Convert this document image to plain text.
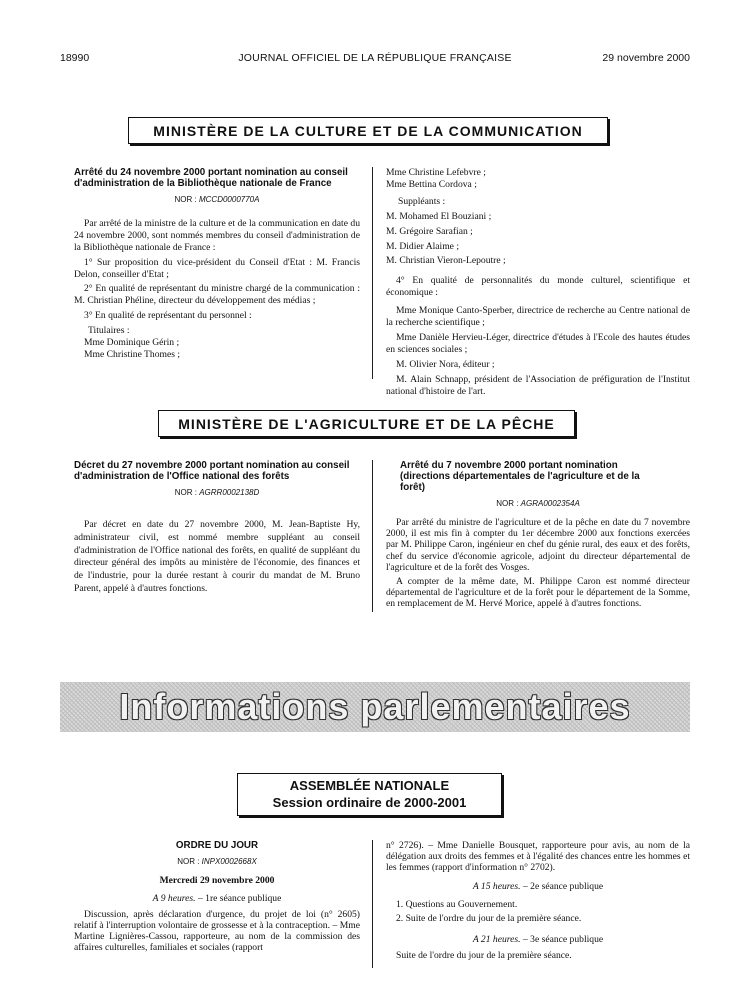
18990	JOURNAL OFFICIEL DE LA RÉPUBLIQUE FRANÇAISE	29 novembre 2000
MINISTÈRE DE LA CULTURE ET DE LA COMMUNICATION
Arrêté du 24 novembre 2000 portant nomination au conseil d'administration de la Bibliothèque nationale de France
NOR : MCCD0000770A

Par arrêté de la ministre de la culture et de la communication en date du 24 novembre 2000, sont nommés membres du conseil d'administration de la Bibliothèque nationale de France :

1° Sur proposition du vice-président du Conseil d'Etat : M. Francis Delon, conseiller d'Etat ;

2° En qualité de représentant du ministre chargé de la communication : M. Christian Phéline, directeur du développement des médias ;

3° En qualité de représentant du personnel :

Titulaires :

Mme Dominique Gérin ;

Mme Christine Thomes ;

Mme Christine Lefebvre ;

Mme Bettina Cordova ;

Suppléants :

M. Mohamed El Bouziani ;

M. Grégoire Sarafian ;

M. Didier Alaime ;

M. Christian Vieron-Lepoutre ;

4° En qualité de personnalités du monde culturel, scientifique et économique :

Mme Monique Canto-Sperber, directrice de recherche au Centre national de la recherche scientifique ;

Mme Danièle Hervieu-Léger, directrice d'études à l'Ecole des hautes études en sciences sociales ;

M. Olivier Nora, éditeur ;

M. Alain Schnapp, président de l'Association de préfiguration de l'Institut national d'histoire de l'art.

MINISTÈRE DE L'AGRICULTURE ET DE LA PÊCHE
Décret du 27 novembre 2000 portant nomination au conseil d'administration de l'Office national des forêts
NOR : AGRR0002138D

Par décret en date du 27 novembre 2000, M. Jean-Baptiste Hy, administrateur civil, est nommé membre suppléant au conseil d'administration de l'Office national des forêts, en qualité de suppléant du directeur général des impôts au ministère de l'économie, des finances et de l'industrie, pour la durée restant à courir du mandat de M. Bruno Parent, appelé à d'autres fonctions.

Arrêté du 7 novembre 2000 portant nomination (directions départementales de l'agriculture et de la forêt)
NOR : AGRA0002354A

Par arrêté du ministre de l'agriculture et de la pêche en date du 7 novembre 2000, il est mis fin à compter du 1er décembre 2000 aux fonctions exercées par M. Philippe Caron, ingénieur en chef du génie rural, des eaux et des forêts, chef du service d'économie agricole, adjoint du directeur départemental de l'agriculture et de la forêt des Vosges.

A compter de la même date, M. Philippe Caron est nommé directeur départemental de l'agriculture et de la forêt pour le département de la Somme, en remplacement de M. Hervé Morice, appelé à d'autres fonctions.

Informations parlementaires
ASSEMBLÉE NATIONALE
Session ordinaire de 2000-2001
ORDRE DU JOUR
NOR : INPX0002668X

Mercredi 29 novembre 2000

A 9 heures. – 1re séance publique

Discussion, après déclaration d'urgence, du projet de loi (n° 2605) relatif à l'interruption volontaire de grossesse et à la contraception. – Mme Martine Lignières-Cassou, rapporteure, au nom de la commission des affaires culturelles, familiales et sociales (rapport

n° 2726). – Mme Danielle Bousquet, rapporteure pour avis, au nom de la délégation aux droits des femmes et à l'égalité des chances entre les hommes et les femmes (rapport d'information n° 2702).

A 15 heures. – 2e séance publique

1. Questions au Gouvernement.

2. Suite de l'ordre du jour de la première séance.

A 21 heures. – 3e séance publique

Suite de l'ordre du jour de la première séance.
